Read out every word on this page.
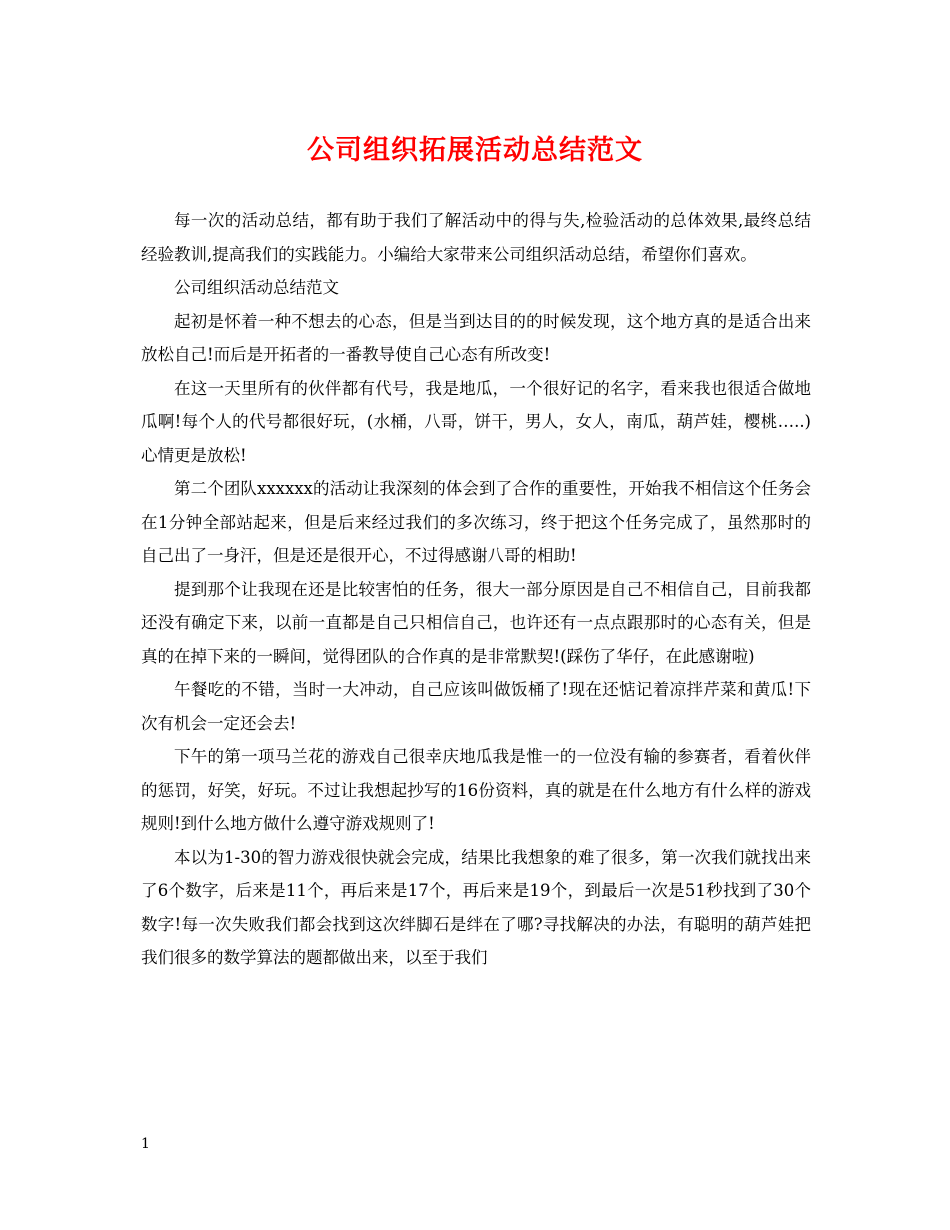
公司组织拓展活动总结范文

每一次的活动总结，都有助于我们了解活动中的得与失,检验活动的总体效果,最终总结经验教训,提高我们的实践能力。小编给大家带来公司组织活动总结，希望你们喜欢。

公司组织活动总结范文

起初是怀着一种不想去的心态，但是当到达目的的时候发现，这个地方真的是适合出来放松自己!而后是开拓者的一番教导使自己心态有所改变!

在这一天里所有的伙伴都有代号，我是地瓜，一个很好记的名字，看来我也很适合做地瓜啊!每个人的代号都很好玩，(水桶，八哥，饼干，男人，女人，南瓜，葫芦娃，樱桃…..)心情更是放松!

第二个团队xxxxxx的活动让我深刻的体会到了合作的重要性，开始我不相信这个任务会在1分钟全部站起来，但是后来经过我们的多次练习，终于把这个任务完成了，虽然那时的自己出了一身汗，但是还是很开心，不过得感谢八哥的相助!

提到那个让我现在还是比较害怕的任务，很大一部分原因是自己不相信自己，目前我都还没有确定下来，以前一直都是自己只相信自己，也许还有一点点跟那时的心态有关，但是真的在掉下来的一瞬间，觉得团队的合作真的是非常默契!(踩伤了华仔，在此感谢啦)

午餐吃的不错，当时一大冲动，自己应该叫做饭桶了!现在还惦记着凉拌芹菜和黄瓜!下次有机会一定还会去!

下午的第一项马兰花的游戏自己很幸庆地瓜我是惟一的一位没有输的参赛者，看着伙伴的惩罚，好笑，好玩。不过让我想起抄写的16份资料，真的就是在什么地方有什么样的游戏规则!到什么地方做什么遵守游戏规则了!

本以为1-30的智力游戏很快就会完成，结果比我想象的难了很多，第一次我们就找出来了6个数字，后来是11个，再后来是17个，再后来是19个，到最后一次是51秒找到了30个数字!每一次失败我们都会找到这次绊脚石是绊在了哪?寻找解决的办法，有聪明的葫芦娃把我们很多的数学算法的题都做出来，以至于我们

1
